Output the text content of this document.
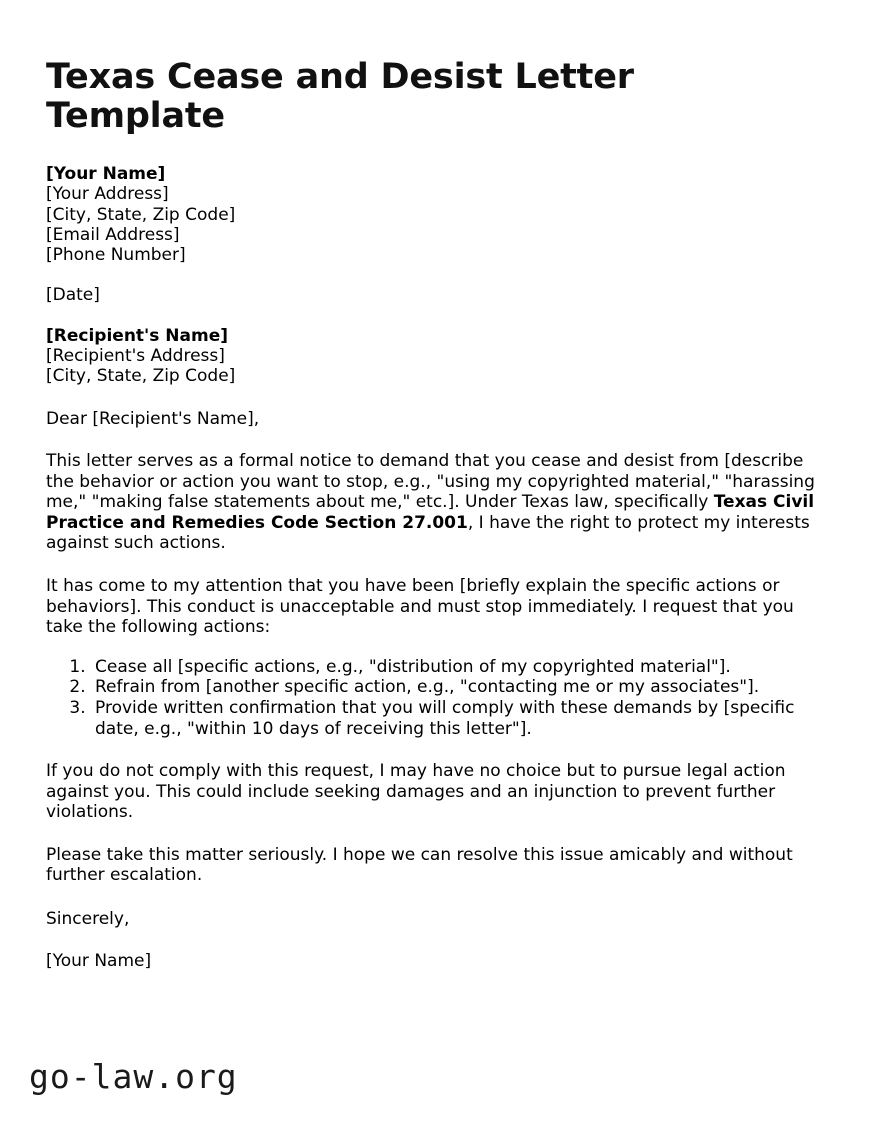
Texas Cease and Desist Letter Template
[Your Name]
[Your Address]
[City, State, Zip Code]
[Email Address]
[Phone Number]
[Date]
[Recipient's Name]
[Recipient's Address]
[City, State, Zip Code]
Dear [Recipient's Name],

This letter serves as a formal notice to demand that you cease and desist from [describe the behavior or action you want to stop, e.g., "using my copyrighted material," "harassing me," "making false statements about me," etc.]. Under Texas law, specifically Texas Civil Practice and Remedies Code Section 27.001, I have the right to protect my interests against such actions.

It has come to my attention that you have been [briefly explain the specific actions or behaviors]. This conduct is unacceptable and must stop immediately. I request that you take the following actions:

1. Cease all [specific actions, e.g., "distribution of my copyrighted material"].
2. Refrain from [another specific action, e.g., "contacting me or my associates"].
3. Provide written confirmation that you will comply with these demands by [specific date, e.g., "within 10 days of receiving this letter"].

If you do not comply with this request, I may have no choice but to pursue legal action against you. This could include seeking damages and an injunction to prevent further violations.

Please take this matter seriously. I hope we can resolve this issue amicably and without further escalation.

Sincerely,
[Your Name]
go-law.org
